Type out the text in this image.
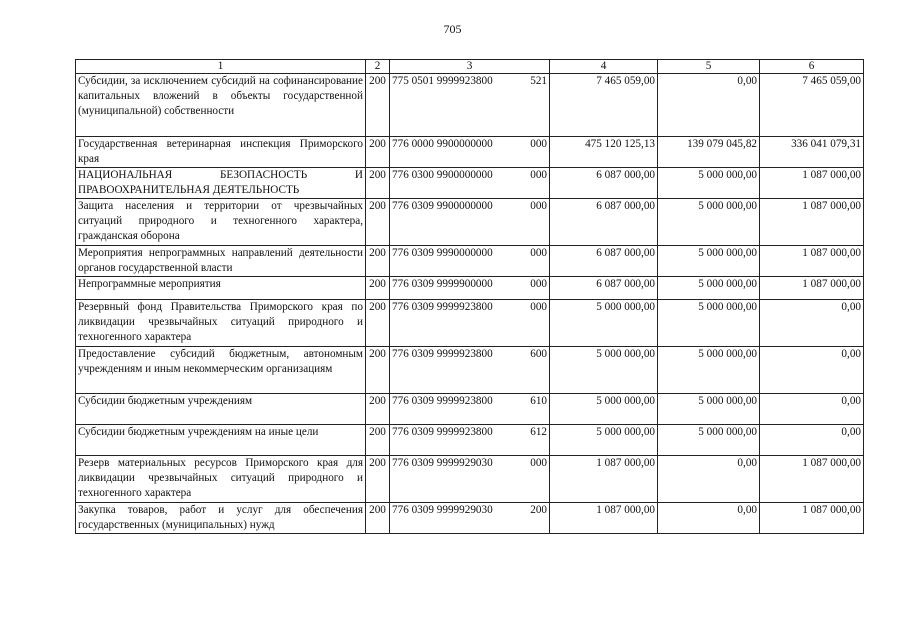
705
1	2	3	4	5	6
Субсидии, за исключением субсидий на софинансирование капитальных вложений в объекты государственной (муниципальной) собственности	200	775 0501 9999923800 521	7 465 059,00	0,00	7 465 059,00
Государственная ветеринарная инспекция Приморского края	200	776 0000 9900000000 000	475 120 125,13	139 079 045,82	336 041 079,31
НАЦИОНАЛЬНАЯ БЕЗОПАСНОСТЬ И ПРАВООХРАНИТЕЛЬНАЯ ДЕЯТЕЛЬНОСТЬ	200	776 0300 9900000000 000	6 087 000,00	5 000 000,00	1 087 000,00
Защита населения и территории от чрезвычайных ситуаций природного и техногенного характера, гражданская оборона	200	776 0309 9900000000 000	6 087 000,00	5 000 000,00	1 087 000,00
Мероприятия непрограммных направлений деятельности органов государственной власти	200	776 0309 9990000000 000	6 087 000,00	5 000 000,00	1 087 000,00
Непрограммные мероприятия	200	776 0309 9999900000 000	6 087 000,00	5 000 000,00	1 087 000,00
Резервный фонд Правительства Приморского края по ликвидации чрезвычайных ситуаций природного и техногенного характера	200	776 0309 9999923800 000	5 000 000,00	5 000 000,00	0,00
Предоставление субсидий бюджетным, автономным учреждениям и иным некоммерческим организациям	200	776 0309 9999923800 600	5 000 000,00	5 000 000,00	0,00
Субсидии бюджетным учреждениям	200	776 0309 9999923800 610	5 000 000,00	5 000 000,00	0,00
Субсидии бюджетным учреждениям на иные цели	200	776 0309 9999923800 612	5 000 000,00	5 000 000,00	0,00
Резерв материальных ресурсов Приморского края для ликвидации чрезвычайных ситуаций природного и техногенного характера	200	776 0309 9999929030 000	1 087 000,00	0,00	1 087 000,00
Закупка товаров, работ и услуг для обеспечения государственных (муниципальных) нужд	200	776 0309 9999929030 200	1 087 000,00	0,00	1 087 000,00
